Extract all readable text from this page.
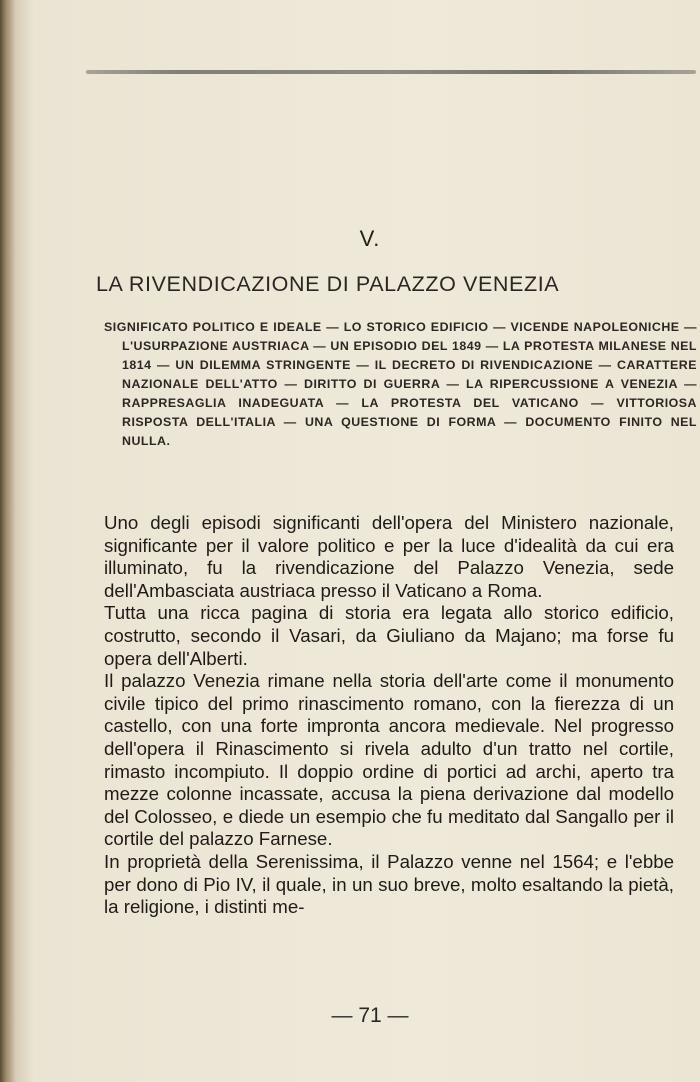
V.
LA RIVENDICAZIONE DI PALAZZO VENEZIA
SIGNIFICATO POLITICO E IDEALE — LO STORICO EDIFICIO — VICENDE NAPOLEONICHE — L'USURPAZIONE AUSTRIACA — UN EPISODIO DEL 1849 — LA PROTESTA MILANESE NEL 1814 — UN DILEMMA STRINGENTE — IL DECRETO DI RIVENDICAZIONE — CARATTERE NAZIONALE DELL'ATTO — DIRITTO DI GUERRA — LA RIPERCUSSIONE A VENEZIA — RAPPRESAGLIA INADEGUATA — LA PROTESTA DEL VATICANO — VITTORIOSA RISPOSTA DELL'ITALIA — UNA QUESTIONE DI FORMA — DOCUMENTO FINITO NEL NULLA.

Uno degli episodi significanti dell'opera del Ministero nazionale, significante per il valore politico e per la luce d'idealità da cui era illuminato, fu la rivendicazione del Palazzo Venezia, sede dell'Ambasciata austriaca presso il Vaticano a Roma.

Tutta una ricca pagina di storia era legata allo storico edificio, costrutto, secondo il Vasari, da Giuliano da Majano; ma forse fu opera dell'Alberti.

Il palazzo Venezia rimane nella storia dell'arte come il monumento civile tipico del primo rinascimento romano, con la fierezza di un castello, con una forte impronta ancora medievale. Nel progresso dell'opera il Rinascimento si rivela adulto d'un tratto nel cortile, rimasto incompiuto. Il doppio ordine di portici ad archi, aperto tra mezze colonne incassate, accusa la piena derivazione dal modello del Colosseo, e diede un esempio che fu meditato dal Sangallo per il cortile del palazzo Farnese.

In proprietà della Serenissima, il Palazzo venne nel 1564; e l'ebbe per dono di Pio IV, il quale, in un suo breve, molto esaltando la pietà, la religione, i distinti me-

— 71 —
